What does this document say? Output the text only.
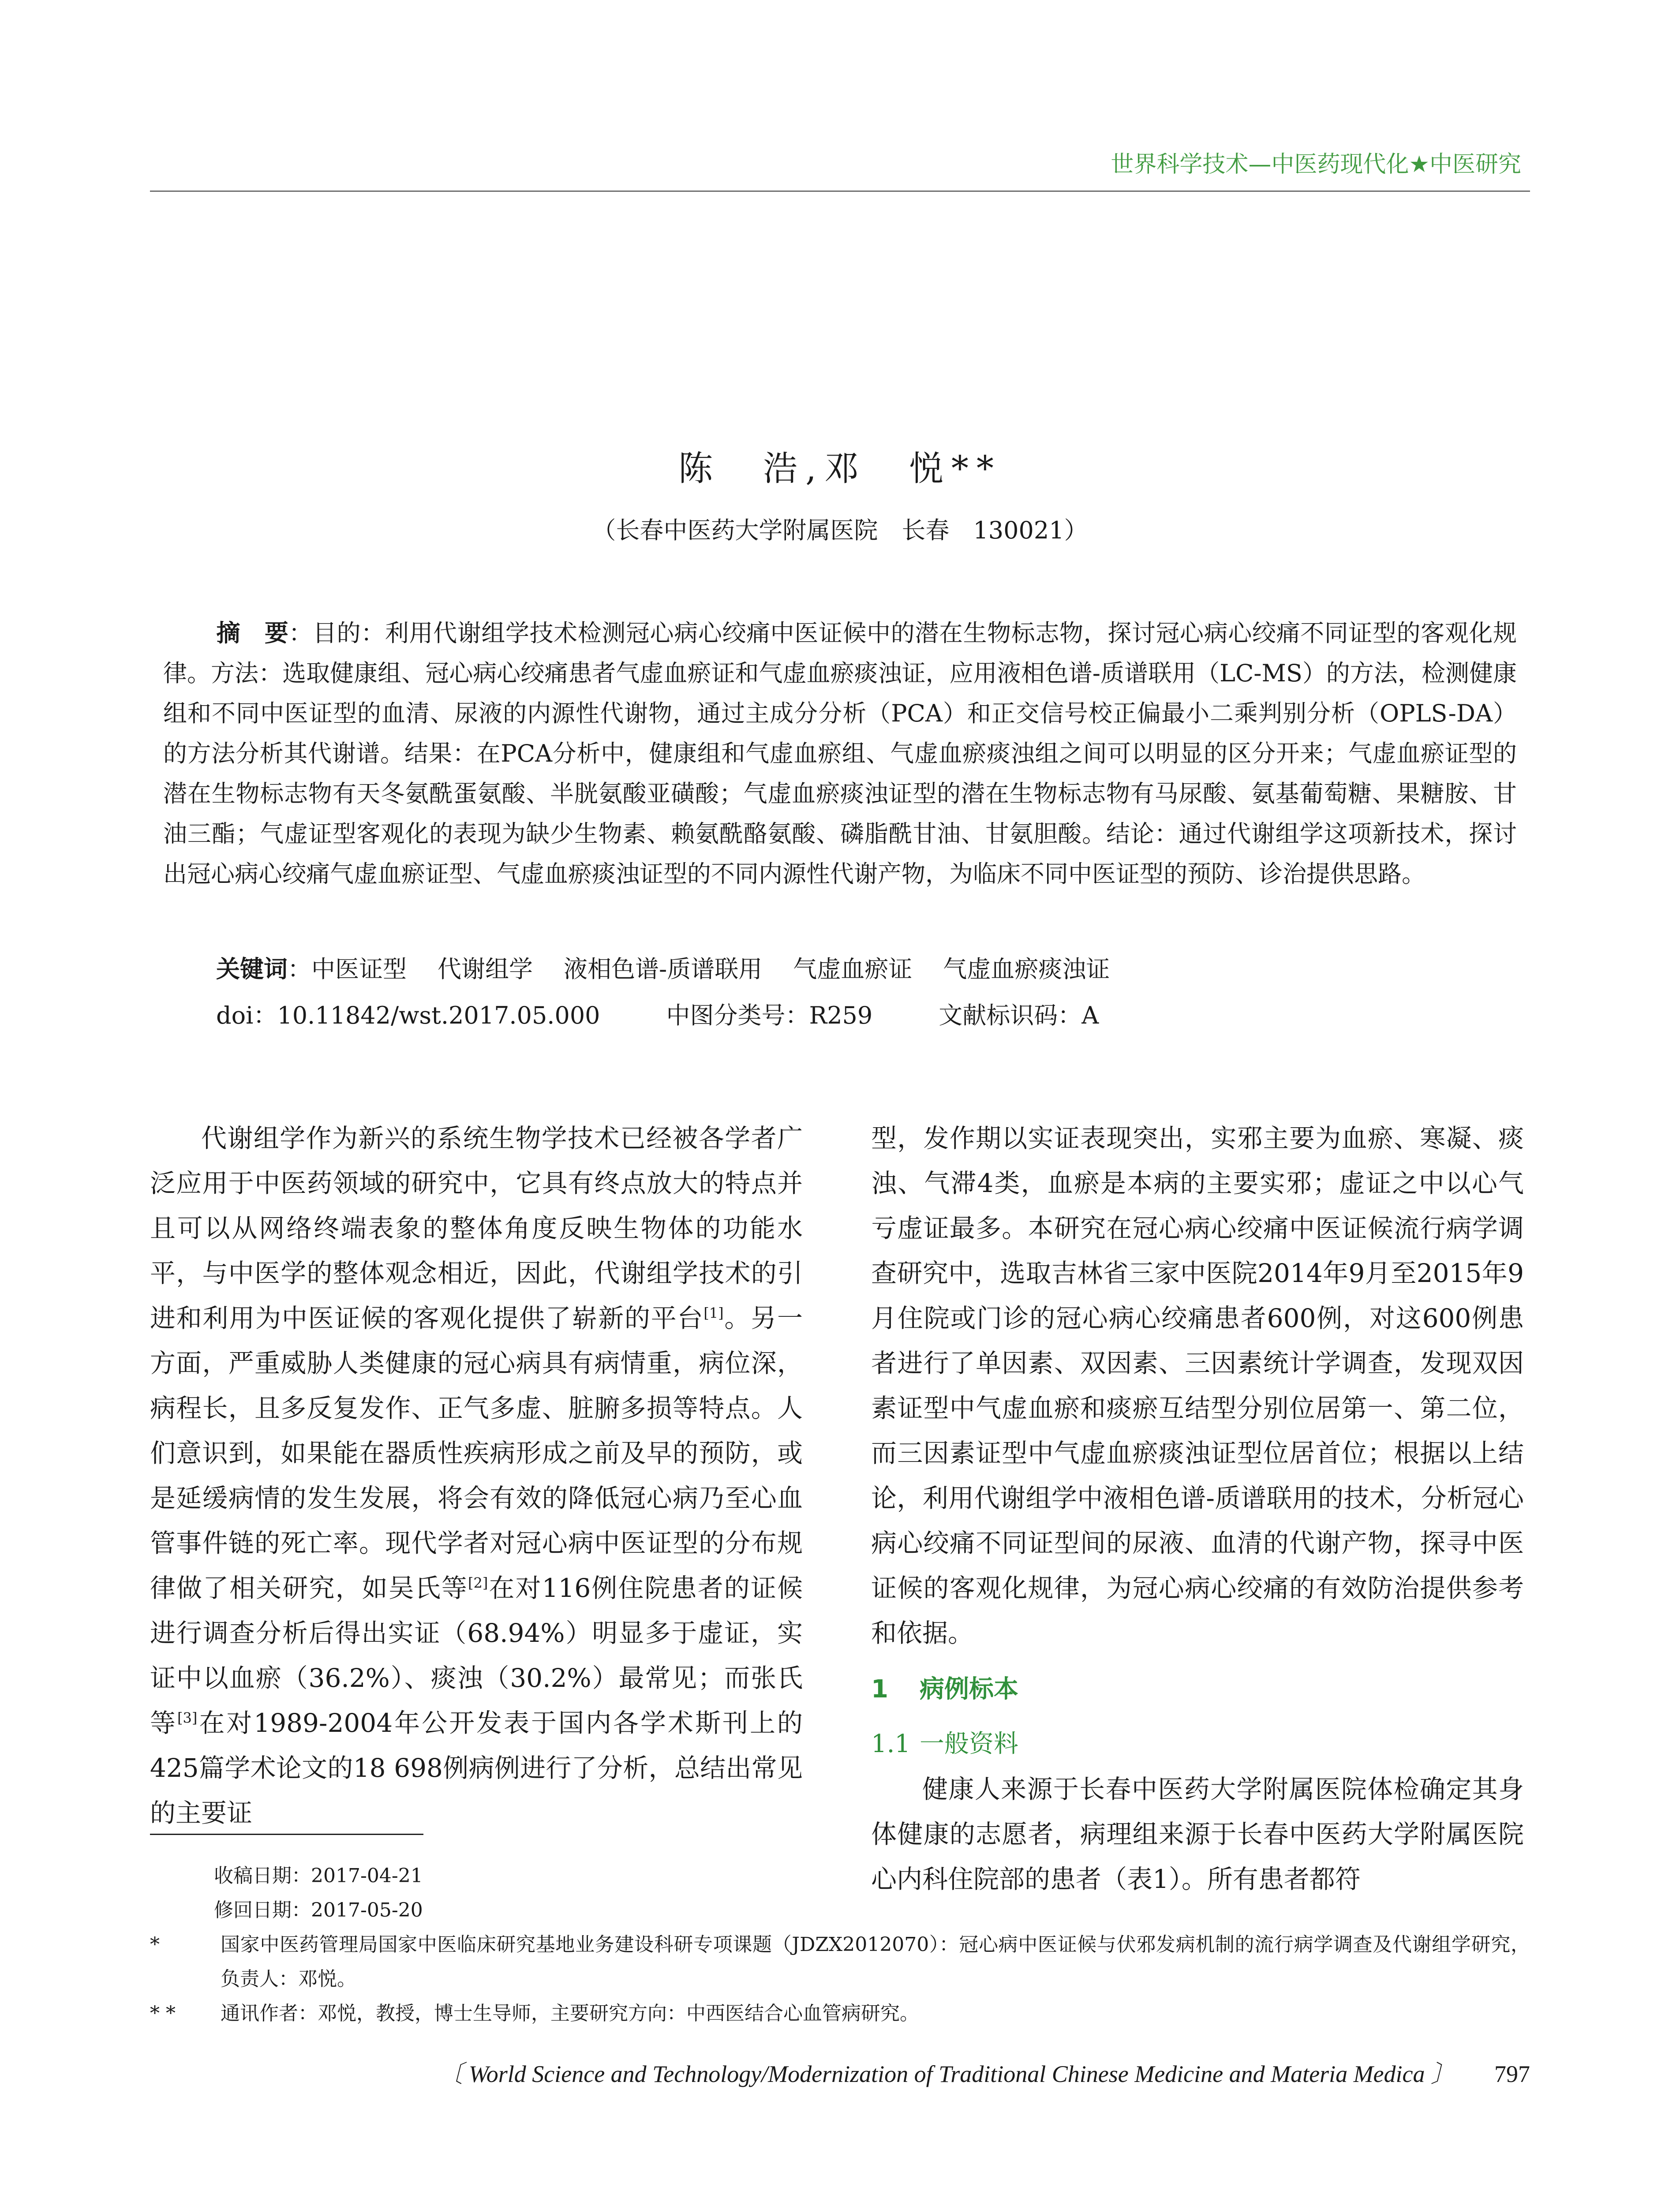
世界科学技术—中医药现代化★中医研究
陈　浩,邓　悦**
（长春中医药大学附属医院　长春　130021）
摘　要：目的：利用代谢组学技术检测冠心病心绞痛中医证候中的潜在生物标志物，探讨冠心病心绞痛不同证型的客观化规律。方法：选取健康组、冠心病心绞痛患者气虚血瘀证和气虚血瘀痰浊证，应用液相色谱-质谱联用（LC-MS）的方法，检测健康组和不同中医证型的血清、尿液的内源性代谢物，通过主成分分析（PCA）和正交信号校正偏最小二乘判别分析（OPLS-DA）的方法分析其代谢谱。结果：在PCA分析中，健康组和气虚血瘀组、气虚血瘀痰浊组之间可以明显的区分开来；气虚血瘀证型的潜在生物标志物有天冬氨酰蛋氨酸、半胱氨酸亚磺酸；气虚血瘀痰浊证型的潜在生物标志物有马尿酸、氨基葡萄糖、果糖胺、甘油三酯；气虚证型客观化的表现为缺少生物素、赖氨酰酪氨酸、磷脂酰甘油、甘氨胆酸。结论：通过代谢组学这项新技术，探讨出冠心病心绞痛气虚血瘀证型、气虚血瘀痰浊证型的不同内源性代谢产物，为临床不同中医证型的预防、诊治提供思路。
关键词：中医证型 代谢组学 液相色谱-质谱联用 气虚血瘀证 气虚血瘀痰浊证
doi：10.11842/wst.2017.05.000	中图分类号：R259	文献标识码：A

代谢组学作为新兴的系统生物学技术已经被各学者广泛应用于中医药领域的研究中，它具有终点放大的特点并且可以从网络终端表象的整体角度反映生物体的功能水平，与中医学的整体观念相近，因此，代谢组学技术的引进和利用为中医证候的客观化提供了崭新的平台[1]。另一方面，严重威胁人类健康的冠心病具有病情重，病位深，病程长，且多反复发作、正气多虚、脏腑多损等特点。人们意识到，如果能在器质性疾病形成之前及早的预防，或是延缓病情的发生发展，将会有效的降低冠心病乃至心血管事件链的死亡率。现代学者对冠心病中医证型的分布规律做了相关研究，如吴氏等[2]在对116例住院患者的证候进行调查分析后得出实证（68.94%）明显多于虚证，实证中以血瘀（36.2%）、痰浊（30.2%）最常见；而张氏等[3]在对1989-2004年公开发表于国内各学术斯刊上的425篇学术论文的18 698例病例进行了分析，总结出常见的主要证

型，发作期以实证表现突出，实邪主要为血瘀、寒凝、痰浊、气滞4类，血瘀是本病的主要实邪；虚证之中以心气亏虚证最多。本研究在冠心病心绞痛中医证候流行病学调查研究中，选取吉林省三家中医院2014年9月至2015年9月住院或门诊的冠心病心绞痛患者600例，对这600例患者进行了单因素、双因素、三因素统计学调查，发现双因素证型中气虚血瘀和痰瘀互结型分别位居第一、第二位，而三因素证型中气虚血瘀痰浊证型位居首位；根据以上结论，利用代谢组学中液相色谱-质谱联用的技术，分析冠心病心绞痛不同证型间的尿液、血清的代谢产物，探寻中医证候的客观化规律，为冠心病心绞痛的有效防治提供参考和依据。

1 病例标本

1.1 一般资料

健康人来源于长春中医药大学附属医院体检确定其身体健康的志愿者，病理组来源于长春中医药大学附属医院心内科住院部的患者（表1）。所有患者都符

收稿日期：2017-04-21
修回日期：2017-05-20
*	国家中医药管理局国家中医临床研究基地业务建设科研专项课题（JDZX2012070）：冠心病中医证候与伏邪发病机制的流行病学调查及代谢组学研究，负责人：邓悦。
* *	通讯作者：邓悦，教授，博士生导师，主要研究方向：中西医结合心血管病研究。
〔 World Science and Technology/Modernization of Traditional Chinese Medicine and Materia Medica 〕 797
